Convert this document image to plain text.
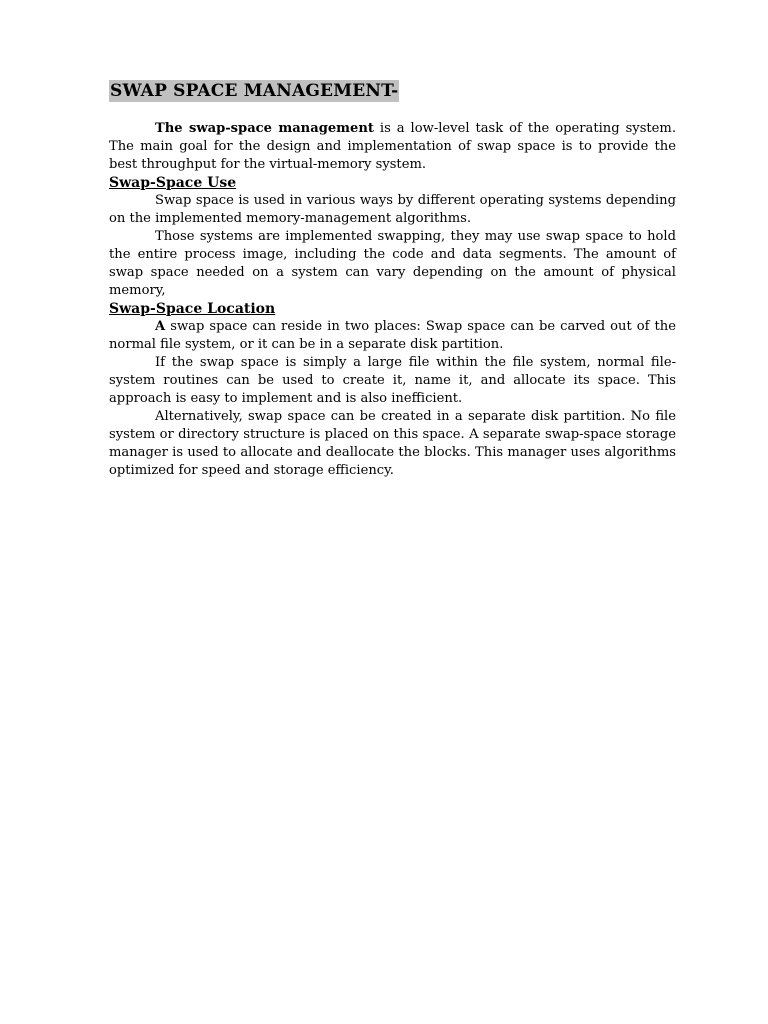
SWAP SPACE MANAGEMENT-

The swap-space management is a low-level task of the operating system. The main goal for the design and implementation of swap space is to provide the best throughput for the virtual-memory system.

Swap-Space Use

Swap space is used in various ways by different operating systems depending on the implemented memory-management algorithms.

Those systems are implemented swapping, they may use swap space to hold the entire process image, including the code and data segments. The amount of swap space needed on a system can vary depending on the amount of physical memory,

Swap-Space Location

A swap space can reside in two places: Swap space can be carved out of the normal file system, or it can be in a separate disk partition.

If the swap space is simply a large file within the file system, normal file-system routines can be used to create it, name it, and allocate its space. This approach is easy to implement and is also inefficient.

Alternatively, swap space can be created in a separate disk partition. No file system or directory structure is placed on this space. A separate swap-space storage manager is used to allocate and deallocate the blocks. This manager uses algorithms optimized for speed and storage efficiency.
